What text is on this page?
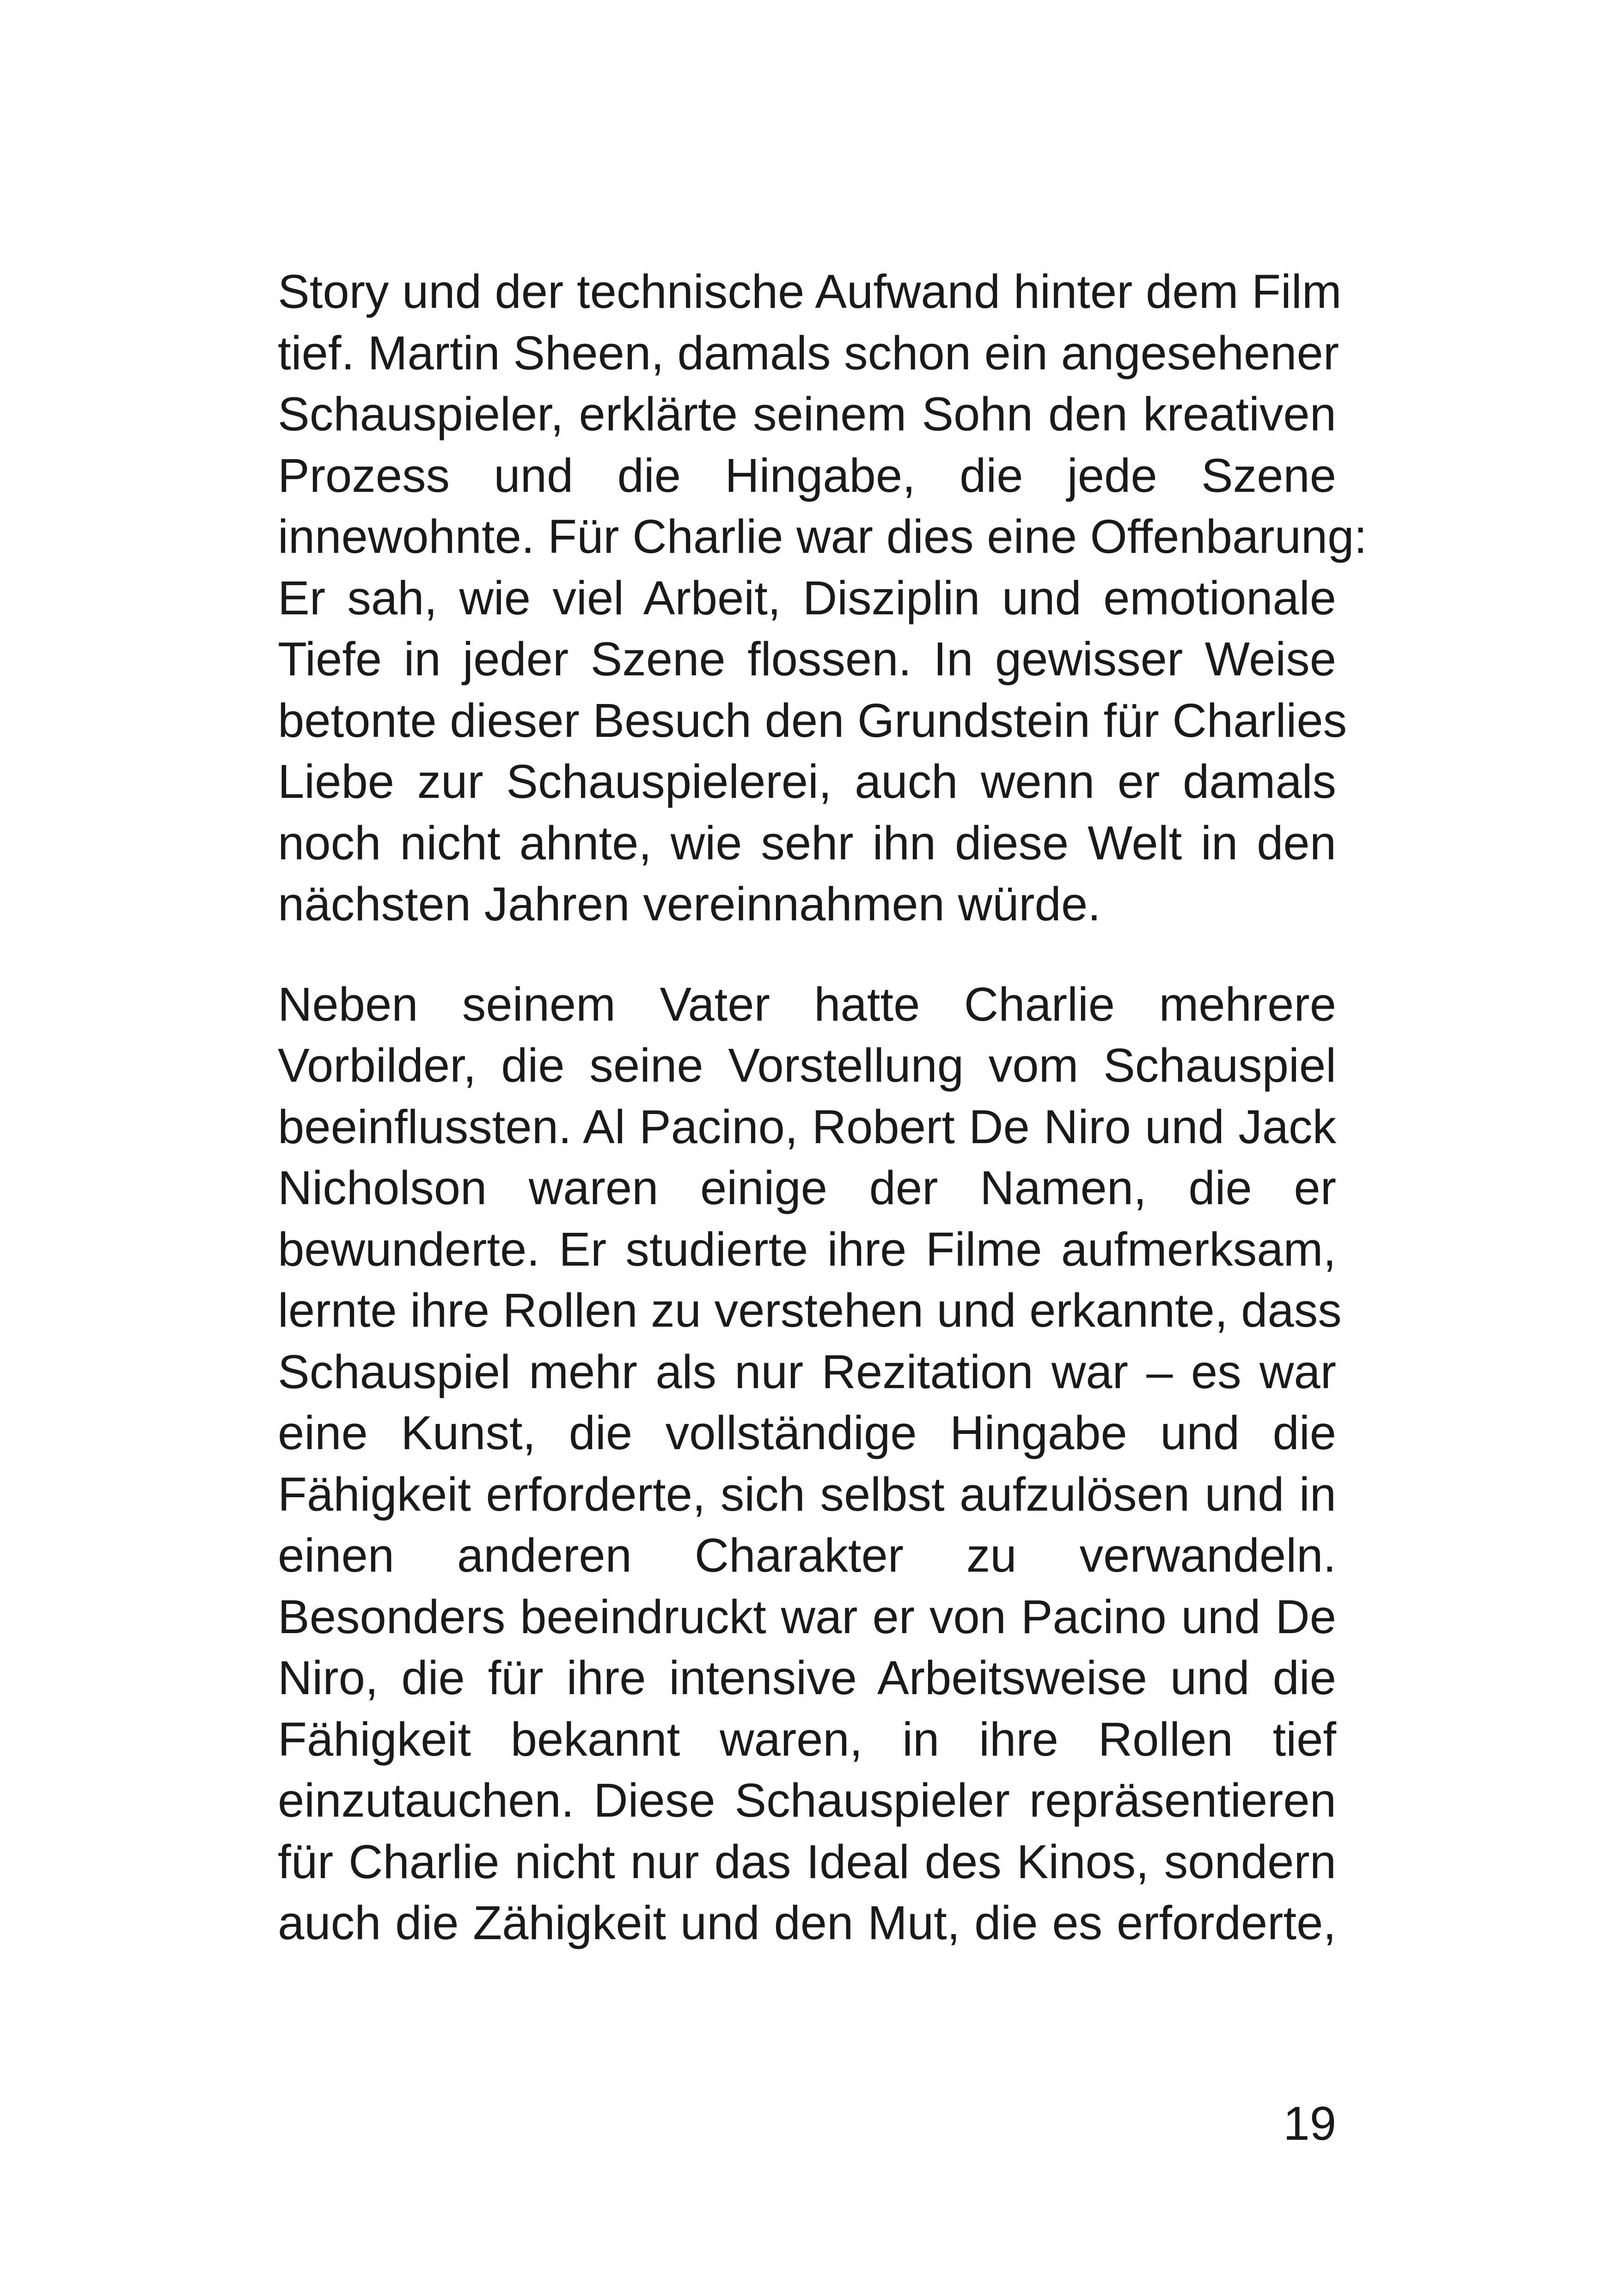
Story und der technische Aufwand hinter dem Film
tief. Martin Sheen, damals schon ein angesehener
Schauspieler, erklärte seinem Sohn den kreativen
Prozess und die Hingabe, die jede Szene
innewohnte. Für Charlie war dies eine Offenbarung:
Er sah, wie viel Arbeit, Disziplin und emotionale
Tiefe in jeder Szene flossen. In gewisser Weise
betonte dieser Besuch den Grundstein für Charlies
Liebe zur Schauspielerei, auch wenn er damals
noch nicht ahnte, wie sehr ihn diese Welt in den
nächsten Jahren vereinnahmen würde.
Neben seinem Vater hatte Charlie mehrere
Vorbilder, die seine Vorstellung vom Schauspiel
beeinflussten. Al Pacino, Robert De Niro und Jack
Nicholson waren einige der Namen, die er
bewunderte. Er studierte ihre Filme aufmerksam,
lernte ihre Rollen zu verstehen und erkannte, dass
Schauspiel mehr als nur Rezitation war – es war
eine Kunst, die vollständige Hingabe und die
Fähigkeit erforderte, sich selbst aufzulösen und in
einen anderen Charakter zu verwandeln.
Besonders beeindruckt war er von Pacino und De
Niro, die für ihre intensive Arbeitsweise und die
Fähigkeit bekannt waren, in ihre Rollen tief
einzutauchen. Diese Schauspieler repräsentieren
für Charlie nicht nur das Ideal des Kinos, sondern
auch die Zähigkeit und den Mut, die es erforderte,
19
